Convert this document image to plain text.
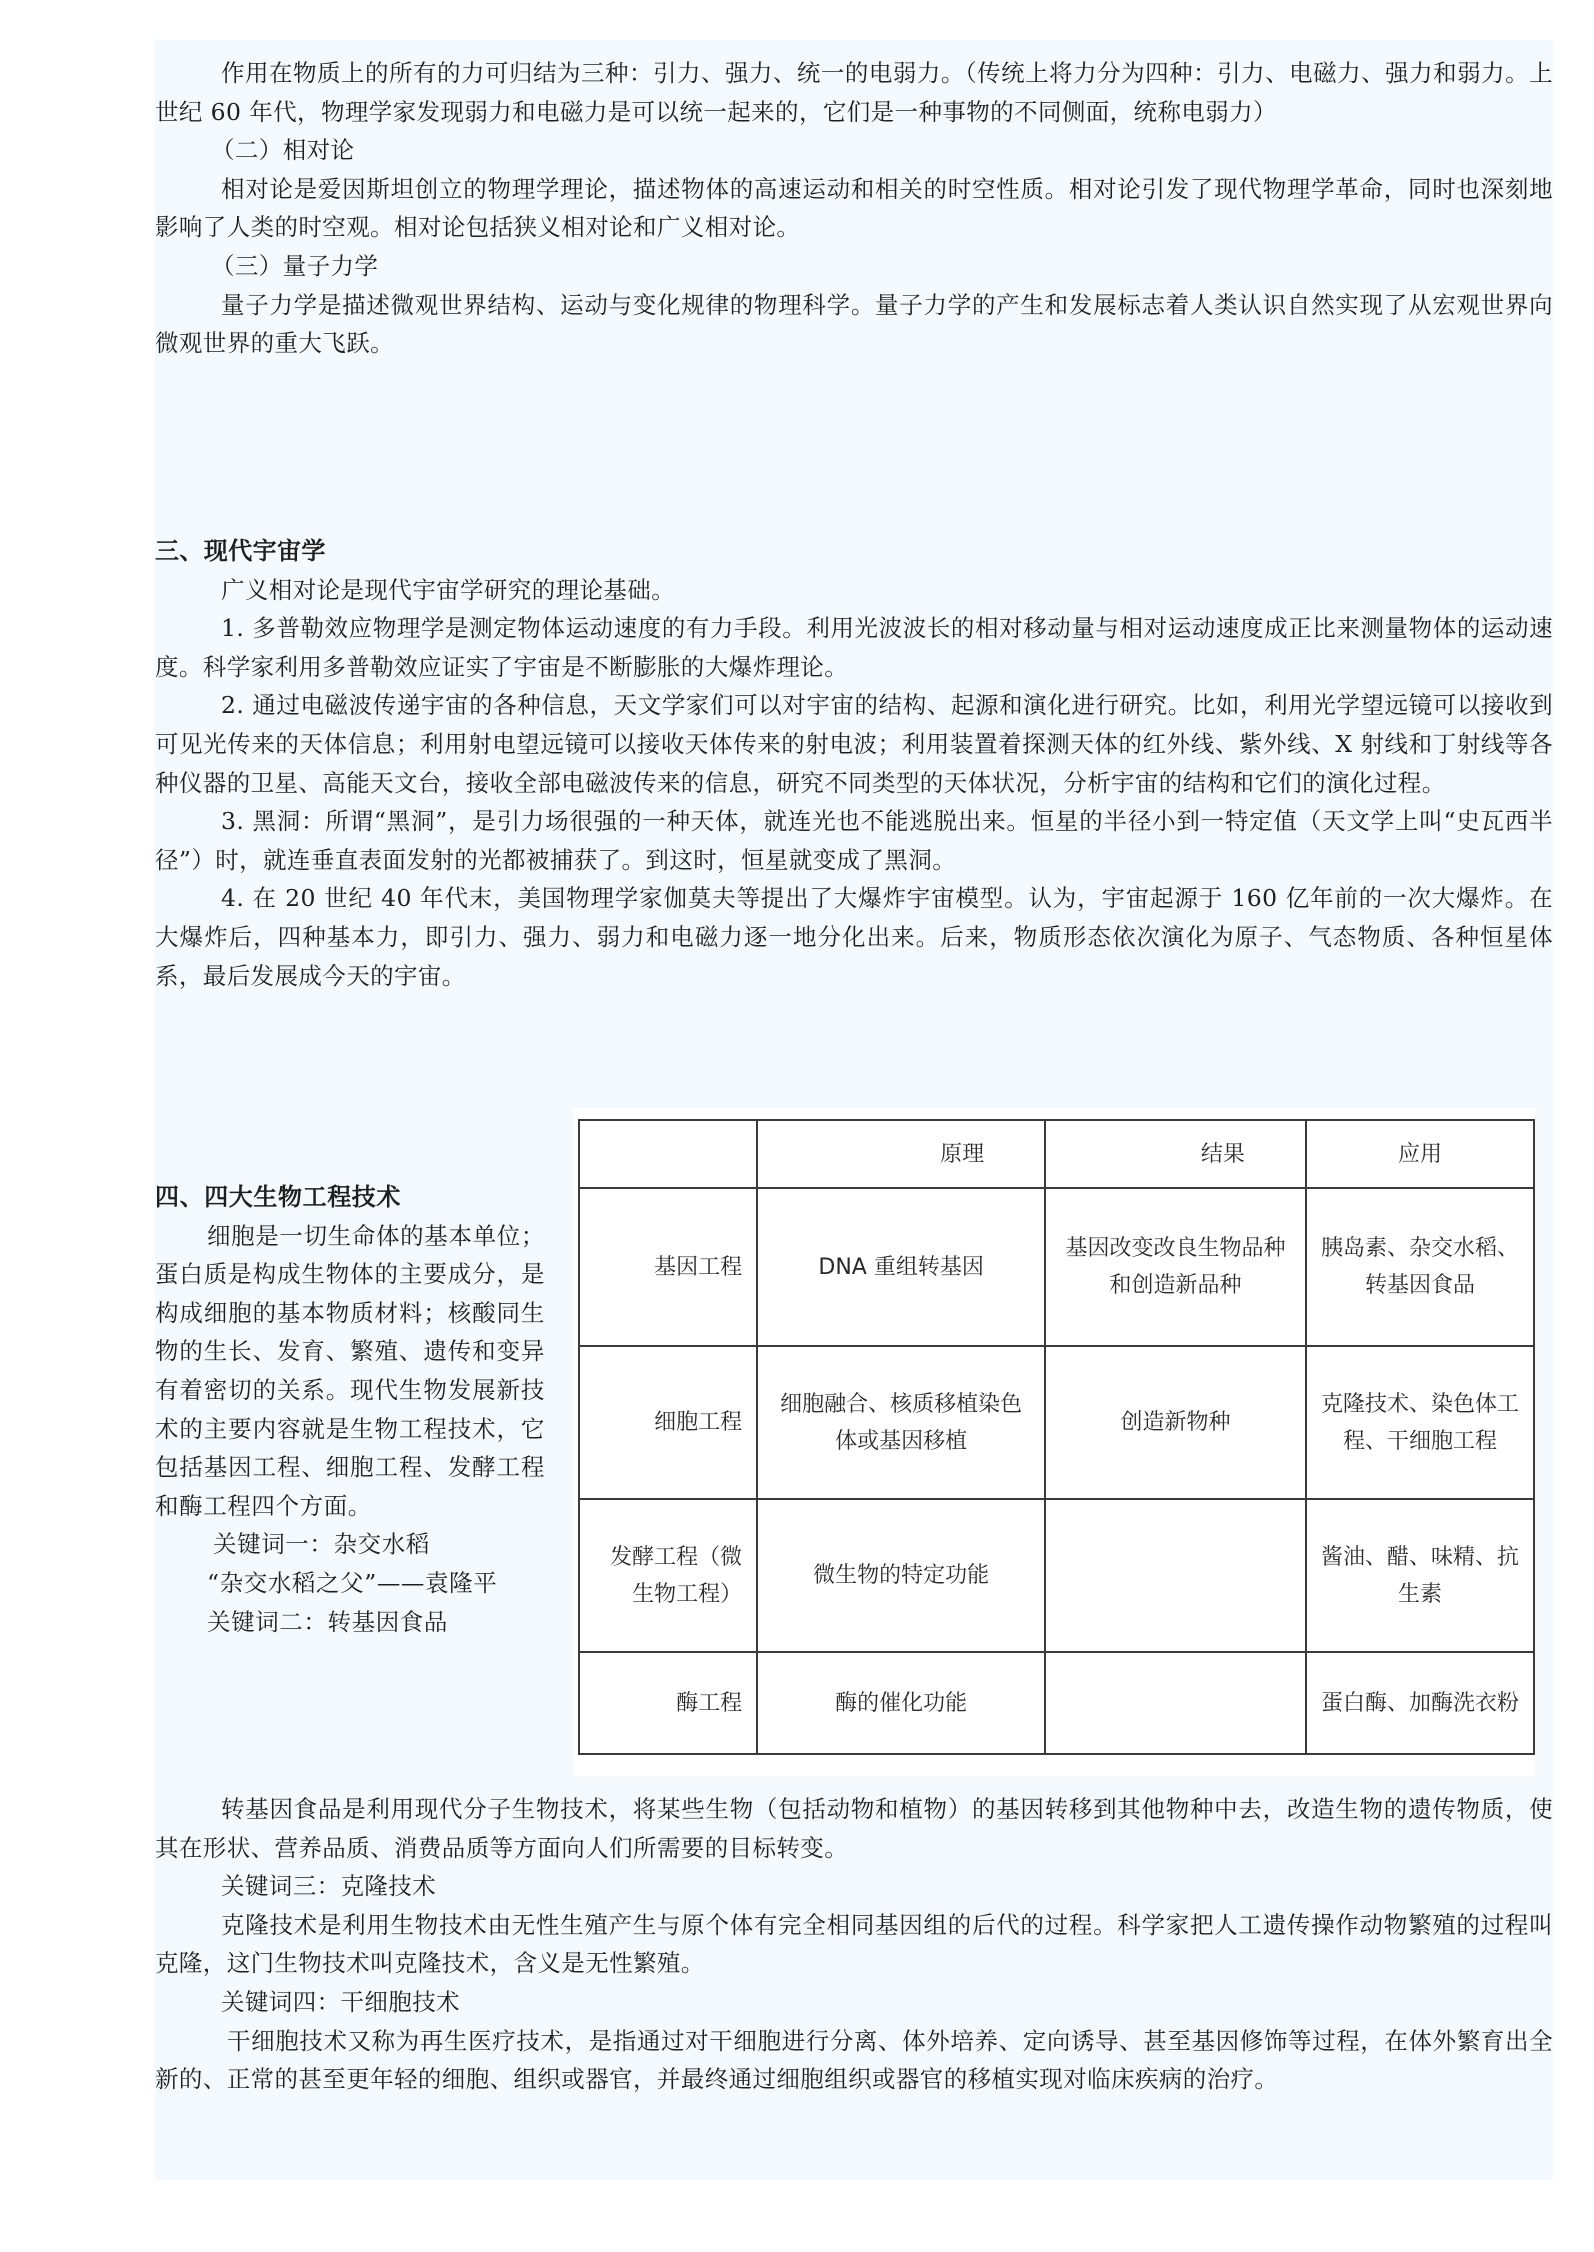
作用在物质上的所有的力可归结为三种：引力、强力、统一的电弱力。（传统上将力分为四种：引力、电磁力、强力和弱力。上世纪 60 年代，物理学家发现弱力和电磁力是可以统一起来的，它们是一种事物的不同侧面，统称电弱力）

（二）相对论

相对论是爱因斯坦创立的物理学理论，描述物体的高速运动和相关的时空性质。相对论引发了现代物理学革命，同时也深刻地影响了人类的时空观。相对论包括狭义相对论和广义相对论。

（三）量子力学

量子力学是描述微观世界结构、运动与变化规律的物理科学。量子力学的产生和发展标志着人类认识自然实现了从宏观世界向微观世界的重大飞跃。

三、现代宇宙学

广义相对论是现代宇宙学研究的理论基础。

1. 多普勒效应物理学是测定物体运动速度的有力手段。利用光波波长的相对移动量与相对运动速度成正比来测量物体的运动速度。科学家利用多普勒效应证实了宇宙是不断膨胀的大爆炸理论。

2. 通过电磁波传递宇宙的各种信息，天文学家们可以对宇宙的结构、起源和演化进行研究。比如，利用光学望远镜可以接收到可见光传来的天体信息；利用射电望远镜可以接收天体传来的射电波；利用装置着探测天体的红外线、紫外线、X 射线和丁射线等各种仪器的卫星、高能天文台，接收全部电磁波传来的信息，研究不同类型的天体状况，分析宇宙的结构和它们的演化过程。

3. 黑洞：所谓“黑洞”，是引力场很强的一种天体，就连光也不能逃脱出来。恒星的半径小到一特定值（天文学上叫“史瓦西半径”）时，就连垂直表面发射的光都被捕获了。到这时，恒星就变成了黑洞。

4. 在 20 世纪 40 年代末，美国物理学家伽莫夫等提出了大爆炸宇宙模型。认为，宇宙起源于 160 亿年前的一次大爆炸。在大爆炸后，四种基本力，即引力、强力、弱力和电磁力逐一地分化出来。后来，物质形态依次演化为原子、气态物质、各种恒星体系，最后发展成今天的宇宙。

四、四大生物工程技术

细胞是一切生命体的基本单位；蛋白质是构成生物体的主要成分，是构成细胞的基本物质材料；核酸同生物的生长、发育、繁殖、遗传和变异有着密切的关系。现代生物发展新技术的主要内容就是生物工程技术，它包括基因工程、细胞工程、发酵工程和酶工程四个方面。

关键词一：杂交水稻

“杂交水稻之父”——袁隆平

关键词二：转基因食品

	原理	结果	应用
基因工程	DNA 重组转基因	基因改变改良生物品种和创造新品种	胰岛素、杂交水稻、转基因食品
细胞工程	细胞融合、核质移植染色体或基因移植	创造新物种	克隆技术、染色体工程、干细胞工程
发酵工程（微生物工程）	微生物的特定功能		酱油、醋、味精、抗生素
酶工程	酶的催化功能		蛋白酶、加酶洗衣粉

转基因食品是利用现代分子生物技术，将某些生物（包括动物和植物）的基因转移到其他物种中去，改造生物的遗传物质，使其在形状、营养品质、消费品质等方面向人们所需要的目标转变。

关键词三：克隆技术

克隆技术是利用生物技术由无性生殖产生与原个体有完全相同基因组的后代的过程。科学家把人工遗传操作动物繁殖的过程叫克隆，这门生物技术叫克隆技术，含义是无性繁殖。

关键词四：干细胞技术

干细胞技术又称为再生医疗技术，是指通过对干细胞进行分离、体外培养、定向诱导、甚至基因修饰等过程，在体外繁育出全新的、正常的甚至更年轻的细胞、组织或器官，并最终通过细胞组织或器官的移植实现对临床疾病的治疗。
